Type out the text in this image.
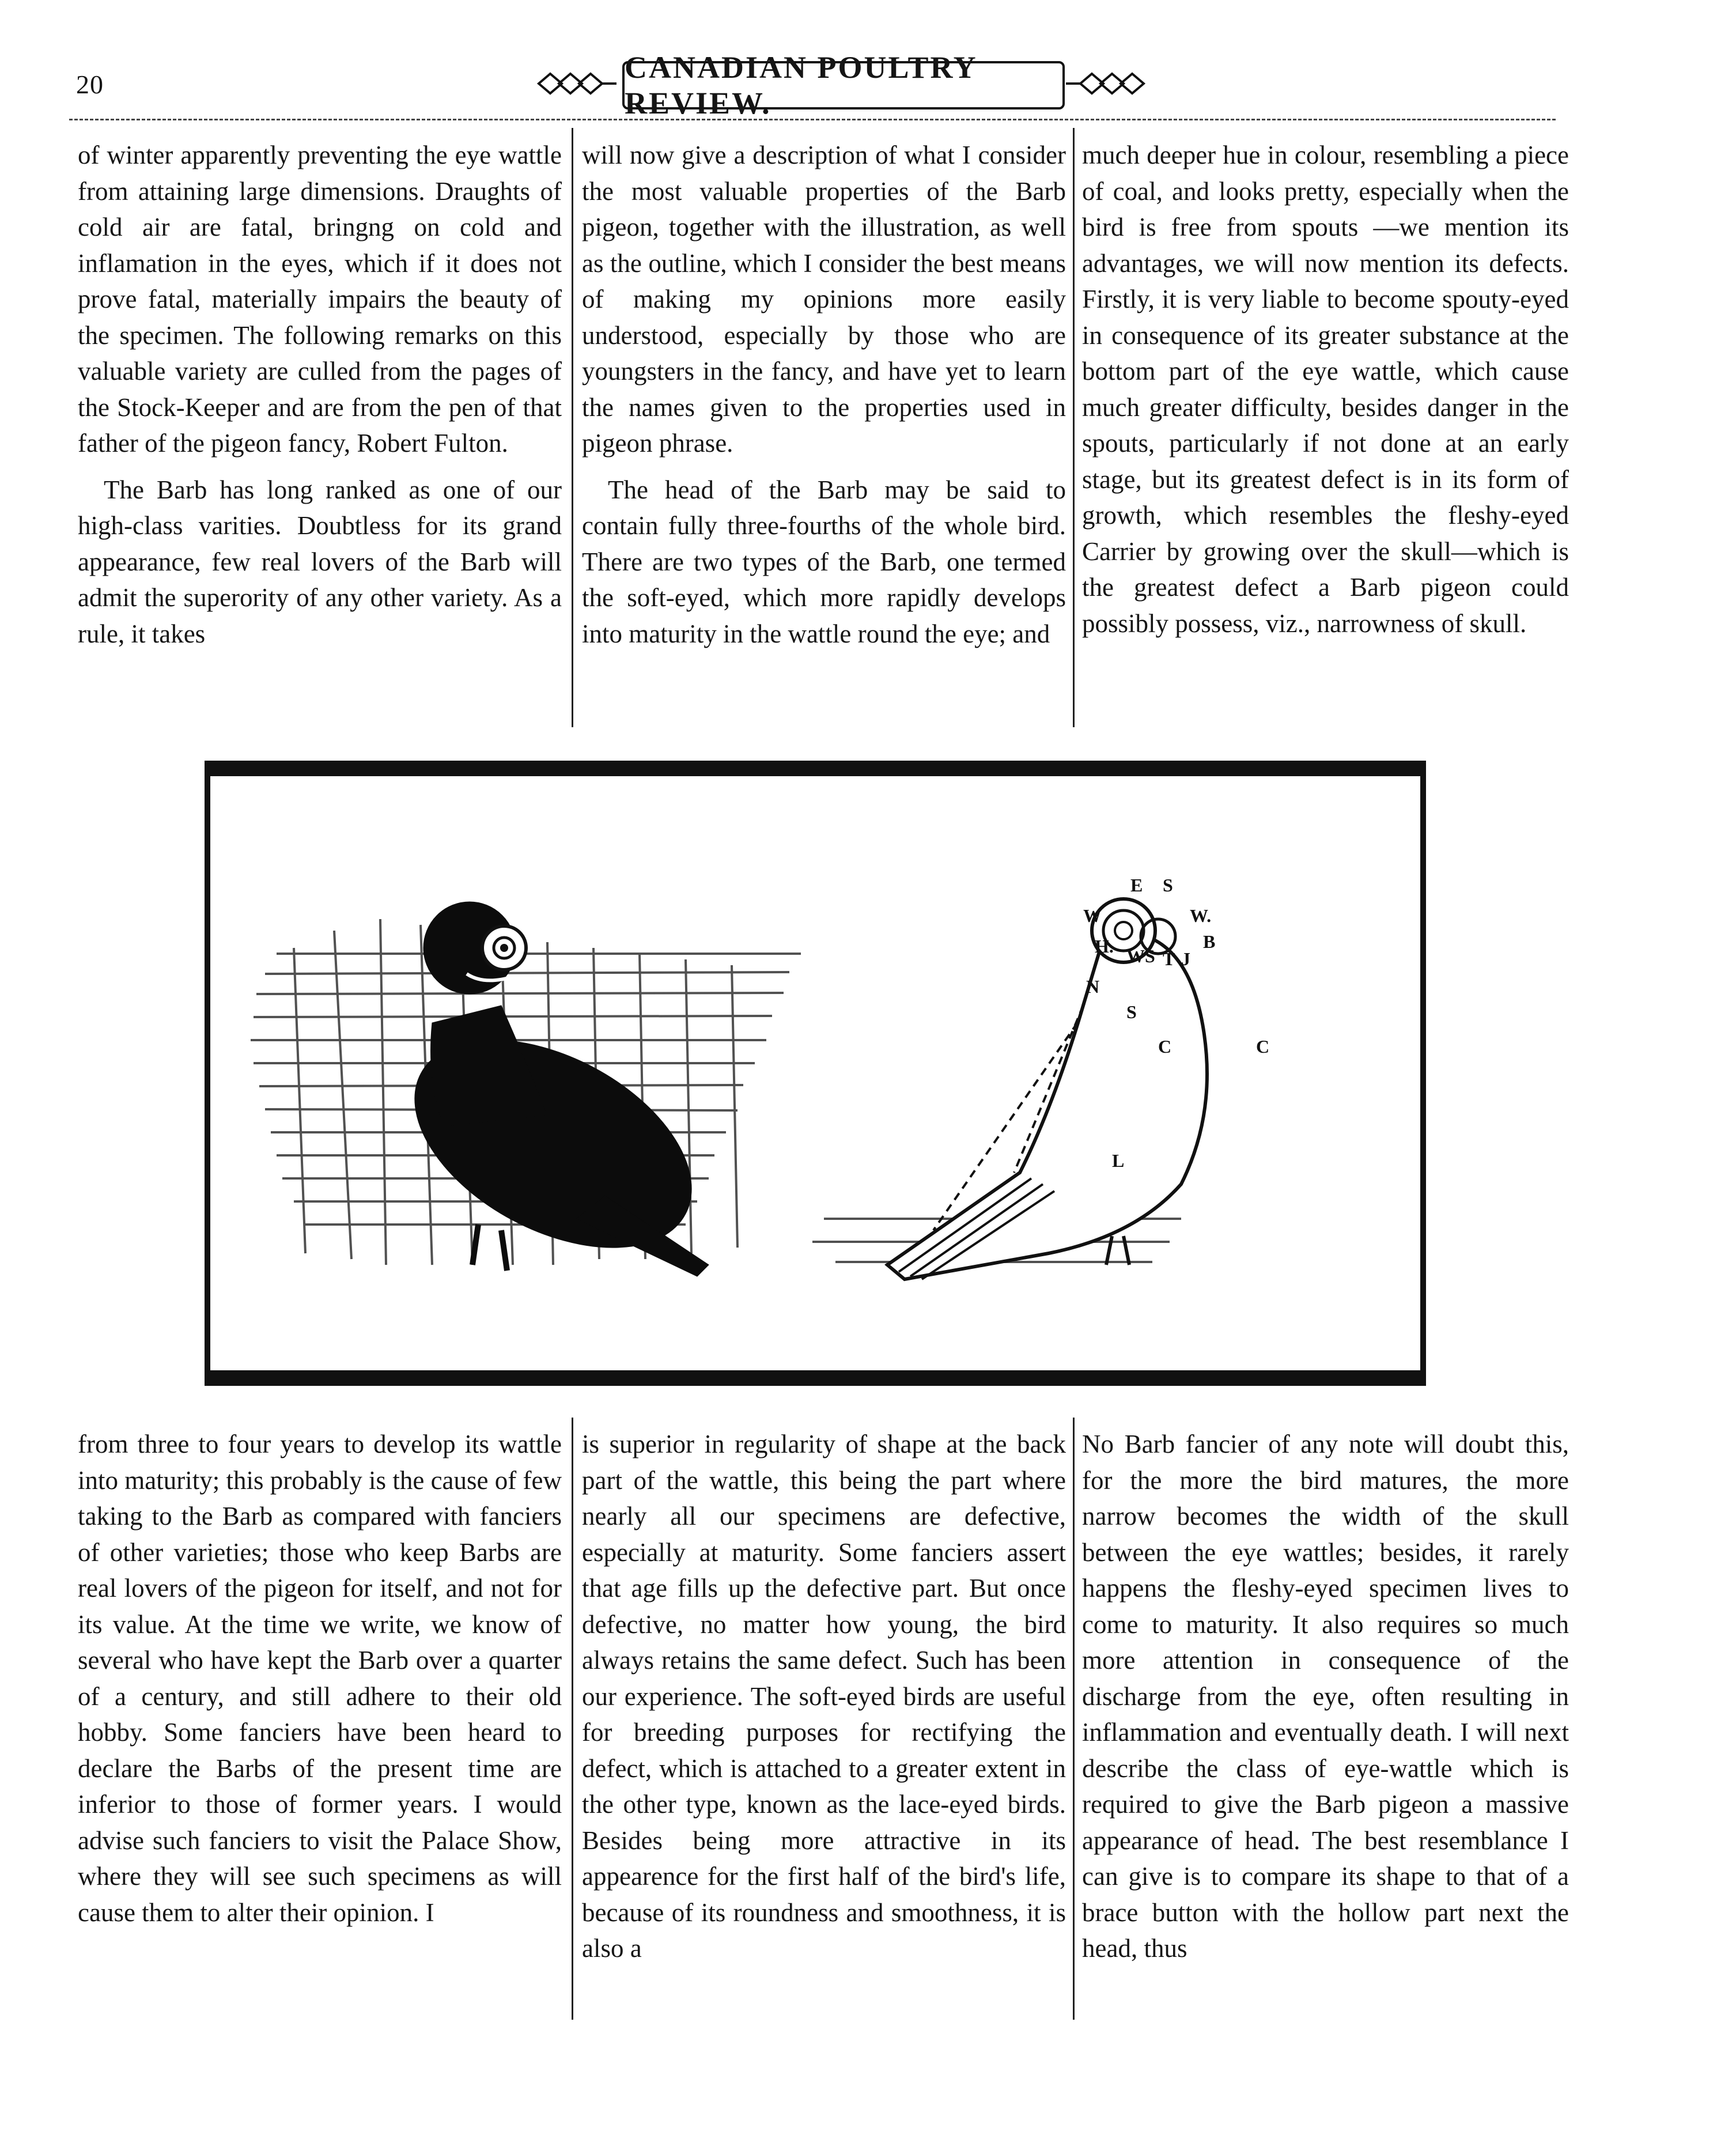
20	CANADIAN POULTRY REVIEW.

of winter apparently preventing the eye wattle from attaining large dimensions. Draughts of cold air are fatal, bringng on cold and inflamation in the eyes, which if it does not prove fatal, materially impairs the beauty of the specimen. The following remarks on this valuable variety are culled from the pages of the Stock-Keeper and are from the pen of that father of the pigeon fancy, Robert Fulton.

The Barb has long ranked as one of our high-class varities. Doubtless for its grand appearance, few real lovers of the Barb will admit the superority of any other variety. As a rule, it takes

will now give a description of what I consider the most valuable properties of the Barb pigeon, together with the illustration, as well as the outline, which I consider the best means of making my opinions more easily understood, especially by those who are youngsters in the fancy, and have yet to learn the names given to the properties used in pigeon phrase.

The head of the Barb may be said to contain fully three-fourths of the whole bird. There are two types of the Barb, one termed the soft-eyed, which more rapidly develops into maturity in the wattle round the eye; and

much deeper hue in colour, resembling a piece of coal, and looks pretty, especially when the bird is free from spouts —we mention its advantages, we will now mention its defects. Firstly, it is very liable to become spouty-eyed in consequence of its greater substance at the bottom part of the eye wattle, which cause much greater difficulty, besides danger in the spouts, particularly if not done at an early stage, but its greatest defect is in its form of growth, which resembles the fleshy-eyed Carrier by growing over the skull—which is the greatest defect a Barb pigeon could possibly possess, viz., narrowness of skull.

E S
W	W.
H. WS T J
B
N
S
C	C
L

from three to four years to develop its wattle into maturity; this probably is the cause of few taking to the Barb as compared with fanciers of other varieties; those who keep Barbs are real lovers of the pigeon for itself, and not for its value. At the time we write, we know of several who have kept the Barb over a quarter of a century, and still adhere to their old hobby. Some fanciers have been heard to declare the Barbs of the present time are inferior to those of former years. I would advise such fanciers to visit the Palace Show, where they will see such specimens as will cause them to alter their opinion. I

is superior in regularity of shape at the back part of the wattle, this being the part where nearly all our specimens are defective, especially at maturity. Some fanciers assert that age fills up the defective part. But once defective, no matter how young, the bird always retains the same defect. Such has been our experience. The soft-eyed birds are useful for breeding purposes for rectifying the defect, which is attached to a greater extent in the other type, known as the lace-eyed birds. Besides being more attractive in its appearence for the first half of the bird's life, because of its roundness and smoothness, it is also a

No Barb fancier of any note will doubt this, for the more the bird matures, the more narrow becomes the width of the skull between the eye wattles; besides, it rarely happens the fleshy-eyed specimen lives to come to maturity. It also requires so much more attention in consequence of the discharge from the eye, often resulting in inflammation and eventually death. I will next describe the class of eye-wattle which is required to give the Barb pigeon a massive appearance of head. The best resemblance I can give is to compare its shape to that of a brace button with the hollow part next the head, thus
